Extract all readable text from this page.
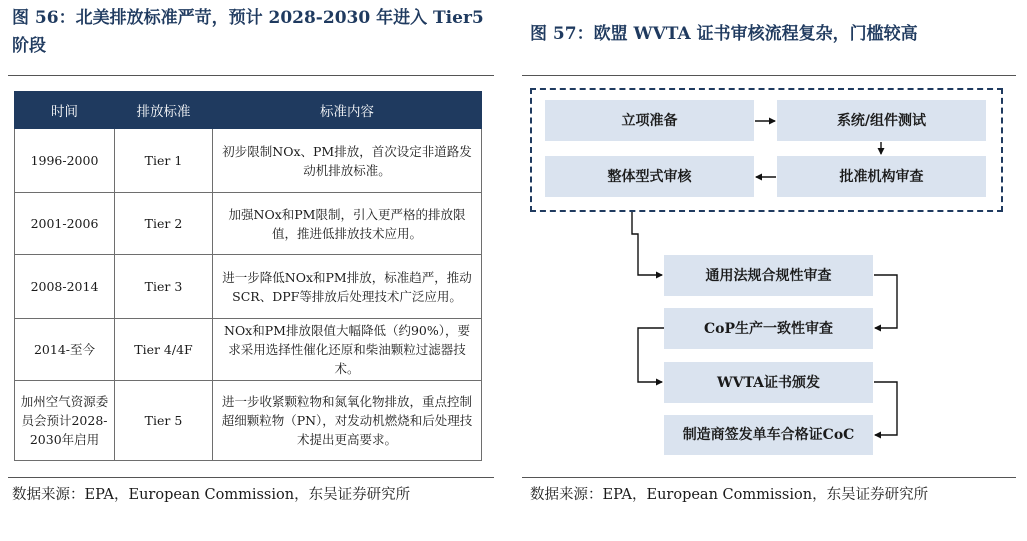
图 56：北美排放标准严苛，预计 2028-2030 年进入 Tier5
阶段
时间	排放标准	标准内容
1996-2000	Tier 1	初步限制NOx、PM排放，首次设定非道路发动机排放标准。
2001-2006	Tier 2	加强NOx和PM限制，引入更严格的排放限值，推进低排放技术应用。
2008-2014	Tier 3	进一步降低NOx和PM排放，标准趋严，推动SCR、DPF等排放后处理技术广泛应用。
2014-至今	Tier 4/4F	NOx和PM排放限值大幅降低（约90%），要求采用选择性催化还原和柴油颗粒过滤器技术。
加州空气资源委员会预计2028-2030年启用	Tier 5	进一步收紧颗粒物和氮氧化物排放，重点控制超细颗粒物（PN），对发动机燃烧和后处理技术提出更高要求。
数据来源：EPA，European Commission，东吴证券研究所
图 57：欧盟 WVTA 证书审核流程复杂，门槛较高
立项准备	系统/组件测试
批准机构审查
整体型式审核
通用法规合规性审查
CoP生产一致性审查
WVTA证书颁发
制造商签发单车合格证CoC
数据来源：EPA，European Commission，东吴证券研究所
